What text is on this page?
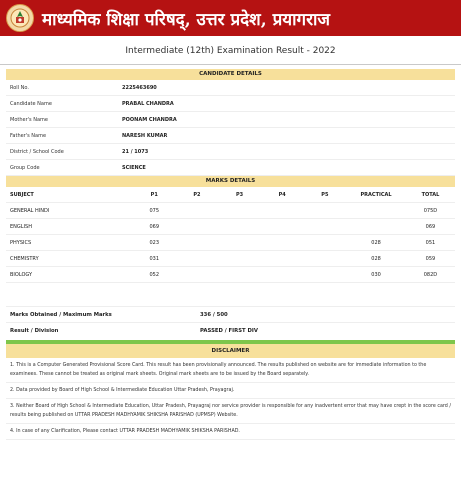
माध्यमिक शिक्षा परिषद्, उत्तर प्रदेश, प्रयागराज
Intermediate (12th) Examination Result - 2022
CANDIDATE DETAILS
Roll No.	2225463690
Candidate Name	PRABAL CHANDRA
Mother's Name	POONAM CHANDRA
Father's Name	NARESH KUMAR
District / School Code	21 / 1073
Group Code	SCIENCE
MARKS DETAILS
SUBJECT	P1	P2	P3	P4	P5	PRACTICAL	TOTAL
GENERAL HINDI	075						075D
ENGLISH	069						069
PHYSICS	023					028	051
CHEMISTRY	031					028	059
BIOLOGY	052					030	082D
Marks Obtained / Maximum Marks	336 / 500
Result / Division	PASSED / FIRST DIV
DISCLAIMER
1. This is a Computer Generated Provisional Score Card. This result has been provisionally announced. The results published on website are for immediate information to the examinees. These cannot be treated as original mark sheets. Original mark sheets are to be issued by the Board separately.
2. Data provided by Board of High School & Intermediate Education Uttar Pradesh, Prayagraj.
3. Neither Board of High School & Intermediate Education, Uttar Pradesh, Prayagraj nor service provider is responsible for any inadvertent error that may have crept in the score card / results being published on UTTAR PRADESH MADHYAMIK SHIKSHA PARISHAD (UPMSP) Website.
4. In case of any Clarification, Please contact UTTAR PRADESH MADHYAMIK SHIKSHA PARISHAD.
